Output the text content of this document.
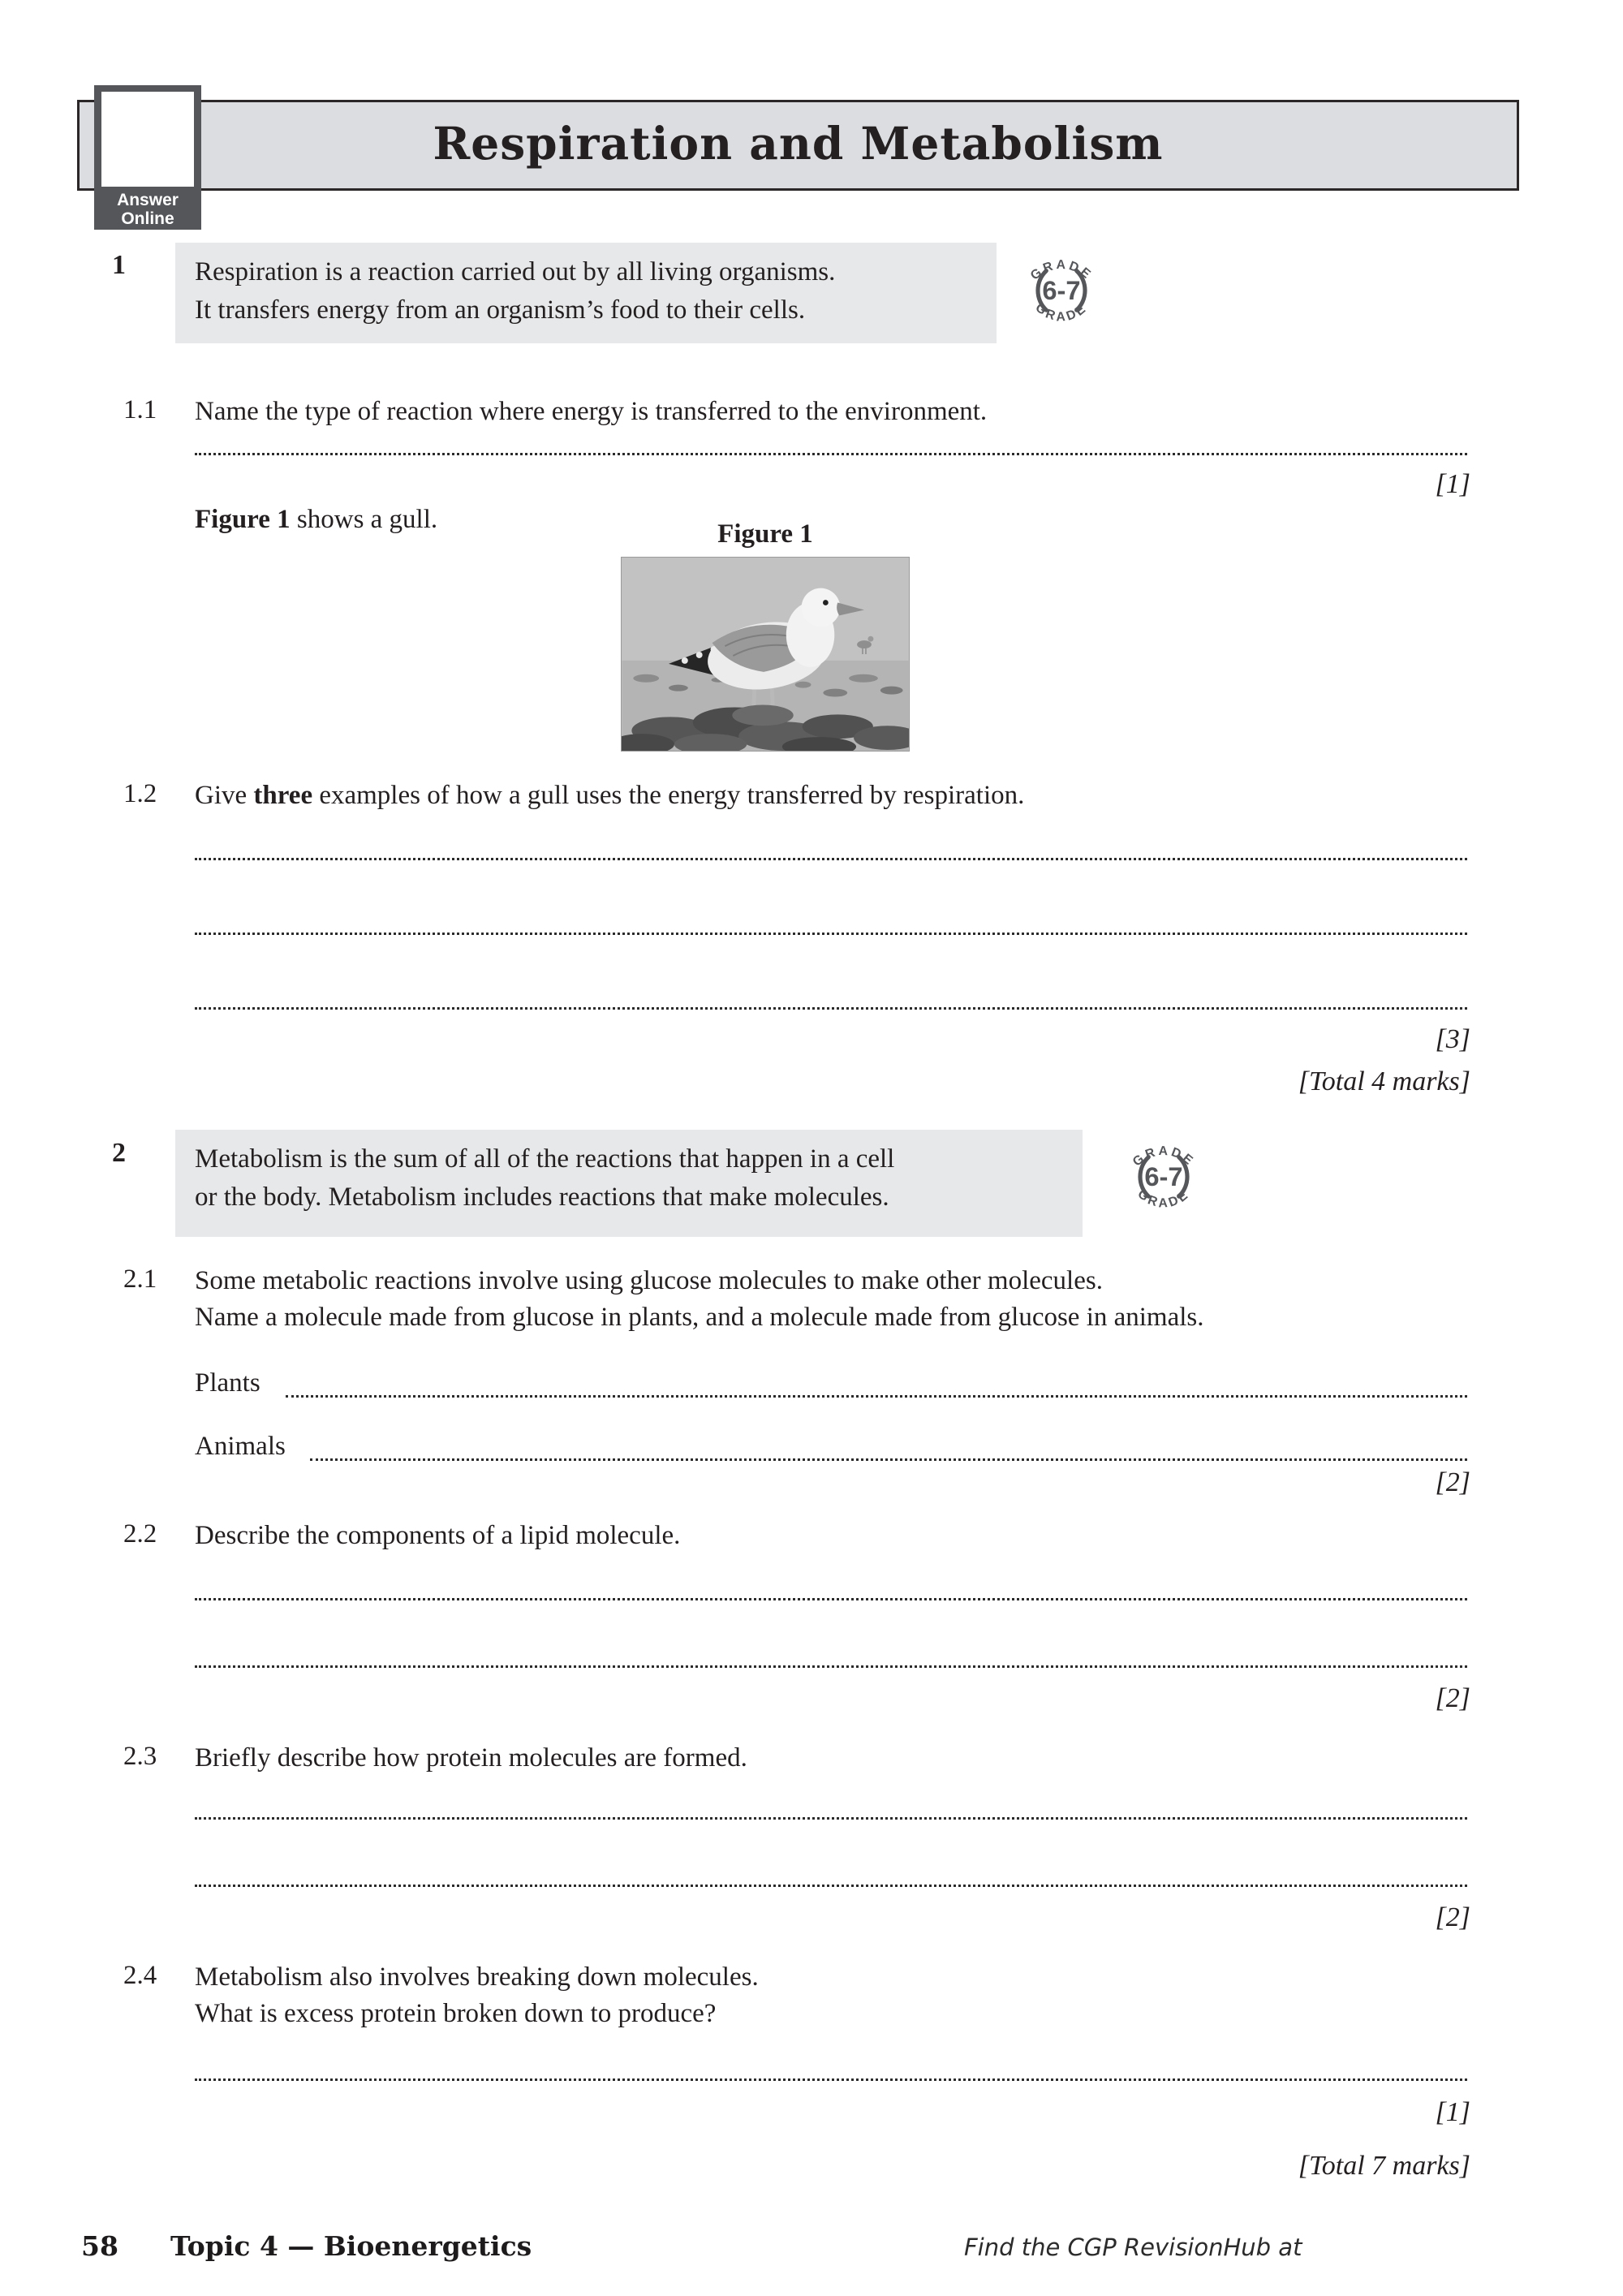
Respiration and Metabolism
Answer
Online
1	Respiration is a reaction carried out by all living organisms.
It transfers energy from an organism’s food to their cells.
GRADE
GRADE
6-7
1.1 Name the type of reaction where energy is transferred to the environment.
[1]
Figure 1 shows a gull.	Figure 1
1.2 Give three examples of how a gull uses the energy transferred by respiration.
[3]
[Total 4 marks]
2	Metabolism is the sum of all of the reactions that happen in a cell
or the body. Metabolism includes reactions that make molecules.
GRADE
GRADE
6-7
2.1 Some metabolic reactions involve using glucose molecules to make other molecules.
Name a molecule made from glucose in plants, and a molecule made from glucose in animals.
Plants
Animals
[2]
2.2 Describe the components of a lipid molecule.
[2]
2.3 Briefly describe how protein molecules are formed.
[2]
2.4 Metabolism also involves breaking down molecules.
What is excess protein broken down to produce?
[1]
[Total 7 marks]
58 Topic 4 — Bioenergetics	Find the CGP RevisionHub at
